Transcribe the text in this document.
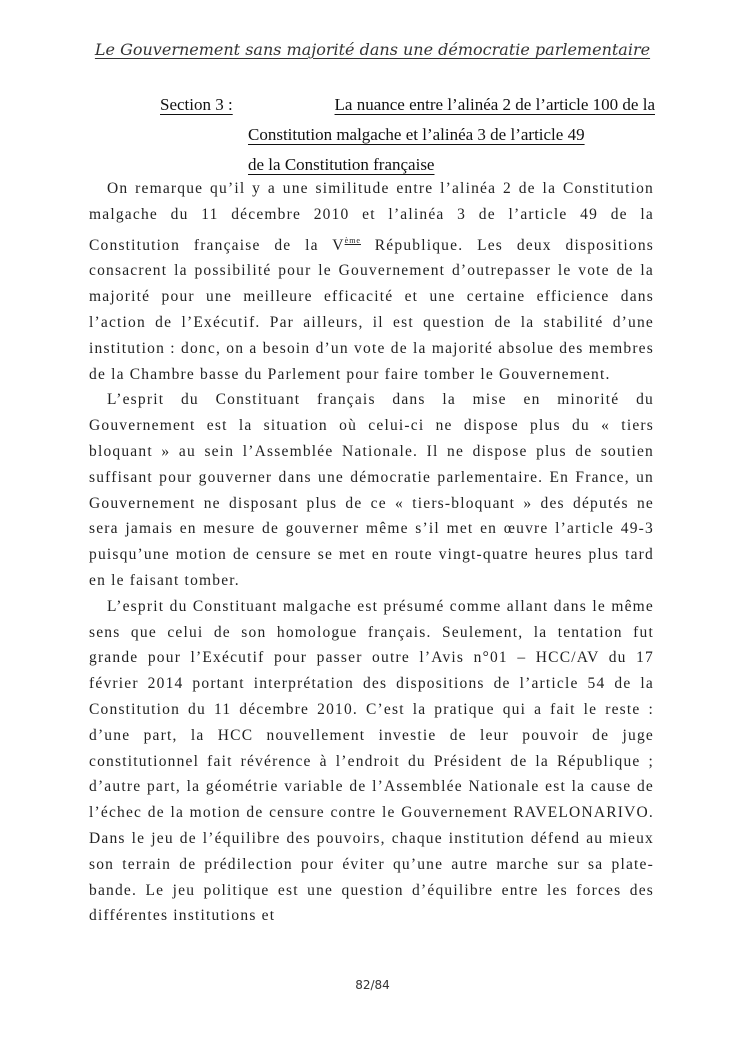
Le Gouvernement sans majorité dans une démocratie parlementaire
Section 3 :	La nuance entre l’alinéa 2 de l’article 100 de la
Constitution malgache et l’alinéa 3 de l’article 49
de la Constitution française

On remarque qu’il y a une similitude entre l’alinéa 2 de la Constitution malgache du 11 décembre 2010 et l’alinéa 3 de l’article 49 de la Constitution française de la Vème République. Les deux dispositions consacrent la possibilité pour le Gouvernement d’outrepasser le vote de la majorité pour une meilleure efficacité et une certaine efficience dans l’action de l’Exécutif. Par ailleurs, il est question de la stabilité d’une institution : donc, on a besoin d’un vote de la majorité absolue des membres de la Chambre basse du Parlement pour faire tomber le Gouvernement.

L’esprit du Constituant français dans la mise en minorité du Gouvernement est la situation où celui-ci ne dispose plus du « tiers bloquant » au sein l’Assemblée Nationale. Il ne dispose plus de soutien suffisant pour gouverner dans une démocratie parlementaire. En France, un Gouvernement ne disposant plus de ce « tiers-bloquant » des députés ne sera jamais en mesure de gouverner même s’il met en œuvre l’article 49-3 puisqu’une motion de censure se met en route vingt-quatre heures plus tard en le faisant tomber.

L’esprit du Constituant malgache est présumé comme allant dans le même sens que celui de son homologue français. Seulement, la tentation fut grande pour l’Exécutif pour passer outre l’Avis n°01 – HCC/AV du 17 février 2014 portant interprétation des dispositions de l’article 54 de la Constitution du 11 décembre 2010. C’est la pratique qui a fait le reste : d’une part, la HCC nouvellement investie de leur pouvoir de juge constitutionnel fait révérence à l’endroit du Président de la République ; d’autre part, la géométrie variable de l’Assemblée Nationale est la cause de l’échec de la motion de censure contre le Gouvernement RAVELONARIVO. Dans le jeu de l’équilibre des pouvoirs, chaque institution défend au mieux son terrain de prédilection pour éviter qu’une autre marche sur sa plate-bande. Le jeu politique est une question d’équilibre entre les forces des différentes institutions et

82/84
